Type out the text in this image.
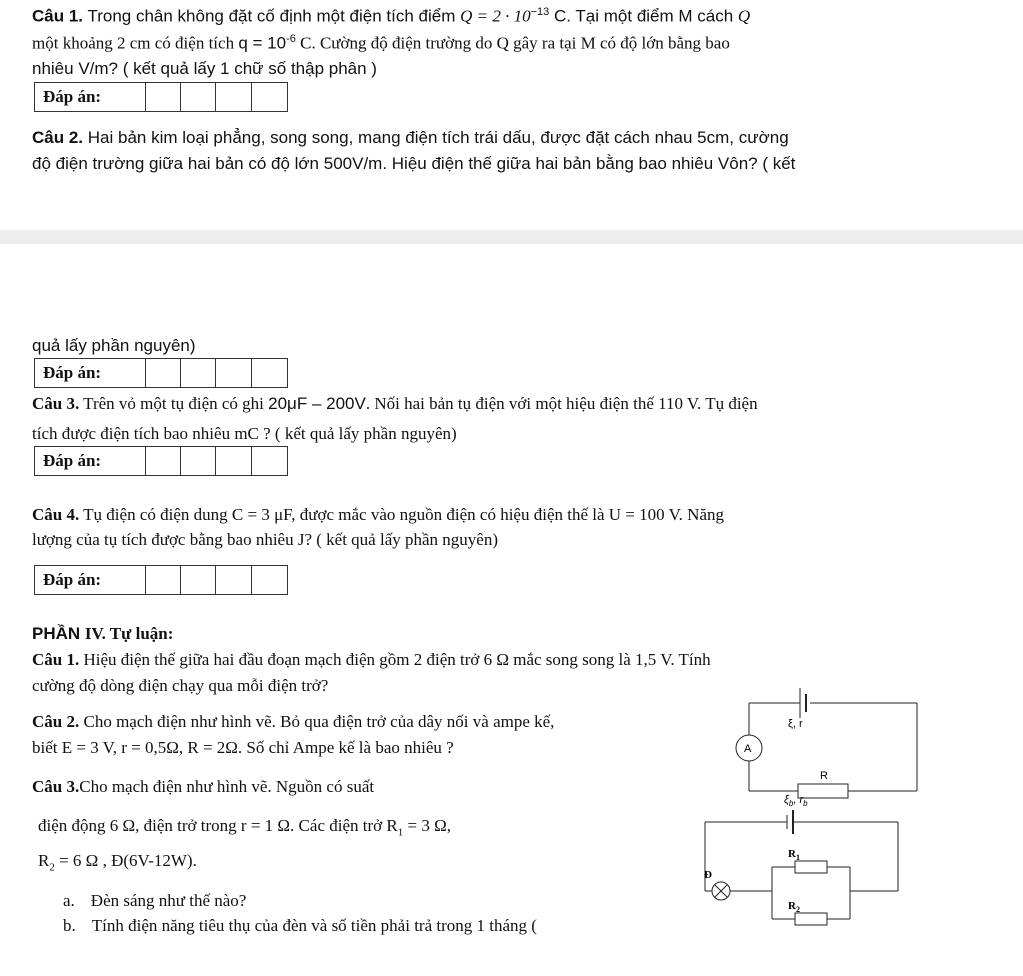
Câu 1. Trong chân không đặt cố định một điện tích điểm $Q = 2 \cdot 10^{-13}$ C. Tại một điểm M cách Q
một khoảng 2 cm có điện tích $q = 10^{-6}$ C. Cường độ điện trường do Q gây ra tại M có độ lớn bằng bao
nhiêu V/m? ( kết quả lấy 1 chữ số thập phân )
Đáp án:
Câu 2. Hai bản kim loại phẳng, song song, mang điện tích trái dấu, được đặt cách nhau 5cm, cường
độ điện trường giữa hai bản có độ lớn 500V/m. Hiệu điện thế giữa hai bản bằng bao nhiêu Vôn? ( kết
quả lấy phần nguyên)
Đáp án:
Câu 3. Trên vỏ một tụ điện có ghi 20μF – 200V. Nối hai bản tụ điện với một hiệu điện thế 110 V. Tụ điện
tích được điện tích bao nhiêu mC ? ( kết quả lấy phần nguyên)
Đáp án:
Câu 4. Tụ điện có điện dung C = 3 μF, được mắc vào nguồn điện có hiệu điện thế là U = 100 V. Năng
lượng của tụ tích được bằng bao nhiêu J? ( kết quả lấy phần nguyên)
Đáp án:
PHẦN IV. Tự luận:
Câu 1. Hiệu điện thế giữa hai đầu đoạn mạch điện gồm 2 điện trở 6 Ω mắc song song là 1,5 V. Tính
cường độ dòng điện chạy qua mỗi điện trở?
Câu 2. Cho mạch điện như hình vẽ. Bỏ qua điện trở của dây nối và ampe kế,
biết E = 3 V, r = 0,5Ω, R = 2Ω. Số chỉ Ampe kế là bao nhiêu ?
Câu 3.Cho mạch điện như hình vẽ. Nguồn có suất
điện động 6 Ω, điện trở trong r = 1 Ω. Các điện trở $R_1 = 3$ Ω,
$R_2 = 6$ Ω , Đ(6V-12W).
a. Đèn sáng như thế nào?
b. Tính điện năng tiêu thụ của đèn và số tiền phải trả trong 1 tháng (
ξ, r
A
R
$\xi_b$, $r_b$
$R_1$
Đ
$R_2$
